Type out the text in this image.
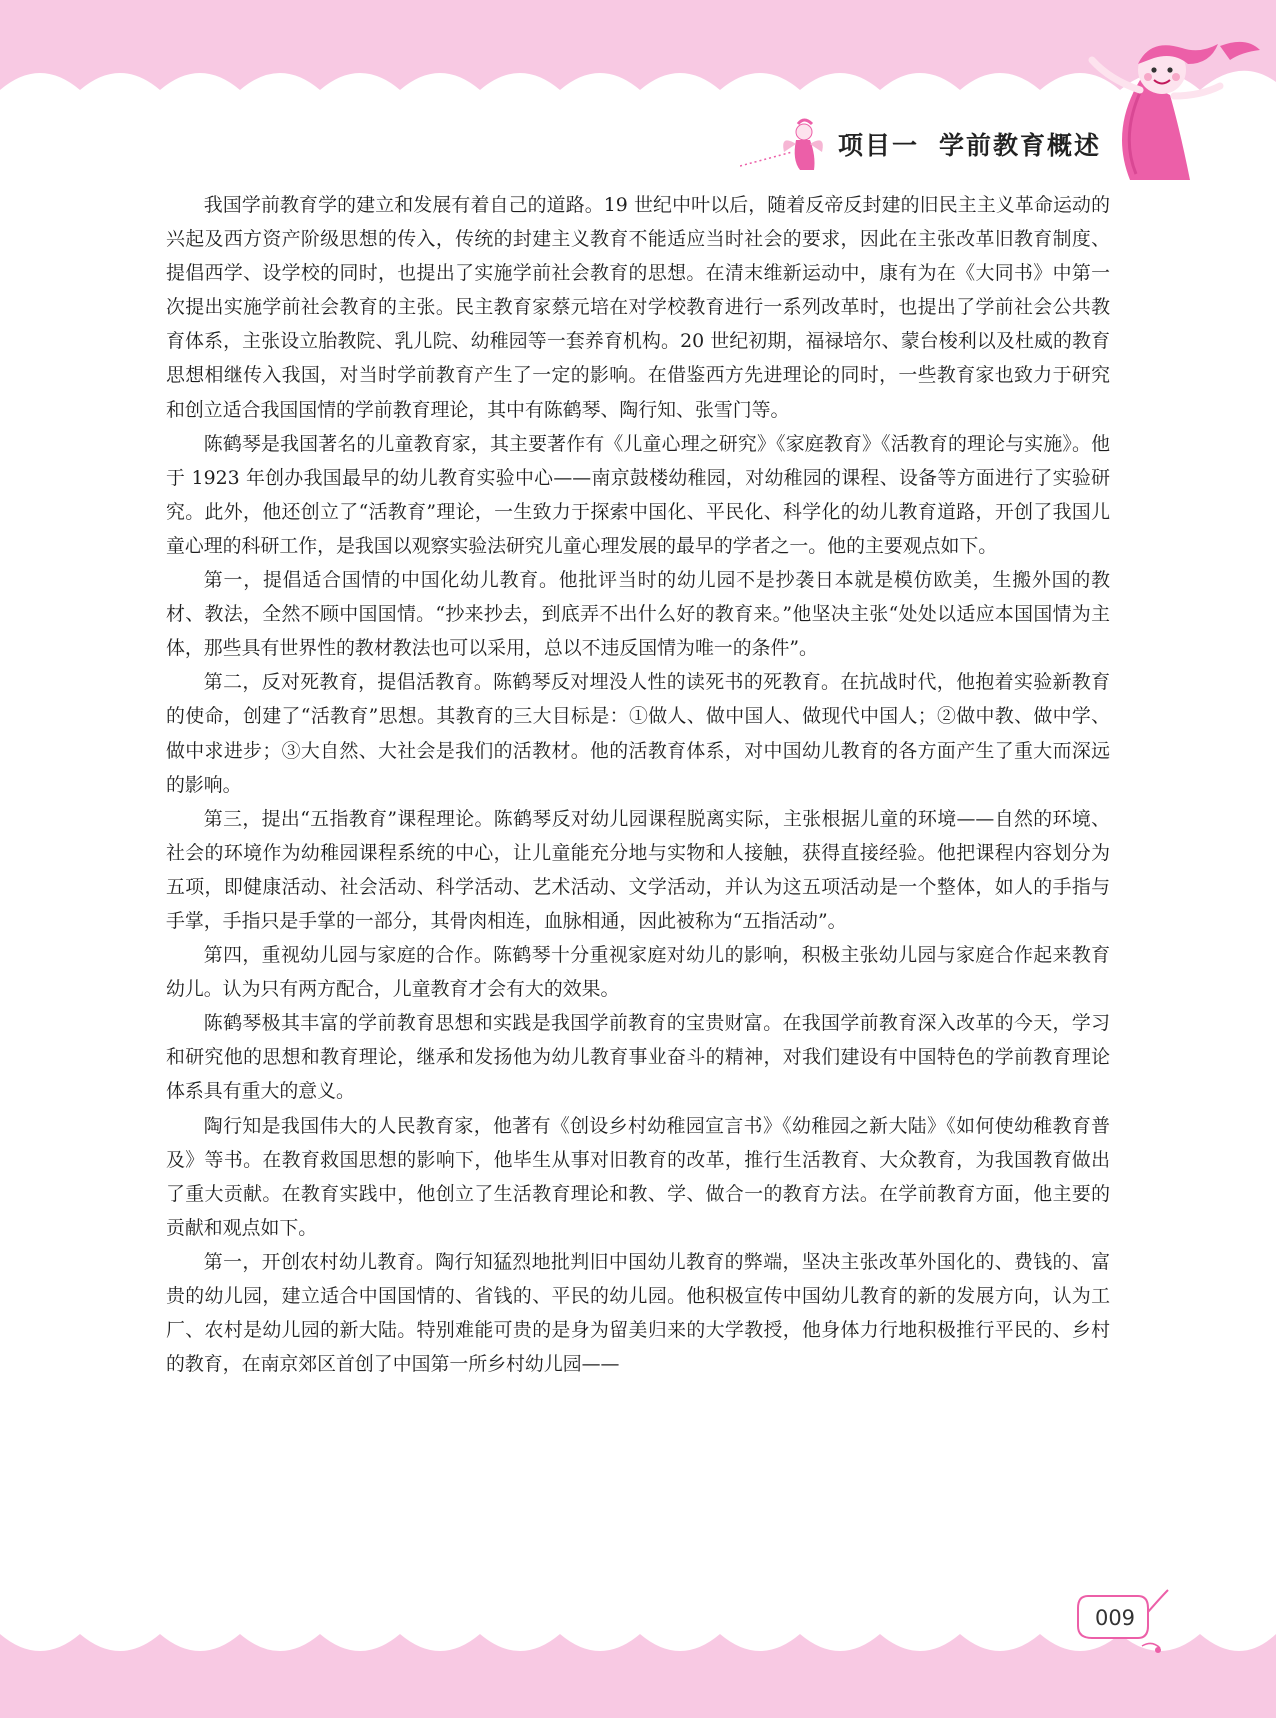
项目一 学前教育概述

我国学前教育学的建立和发展有着自己的道路。19 世纪中叶以后，随着反帝反封建的旧民主主义革命运动的兴起及西方资产阶级思想的传入，传统的封建主义教育不能适应当时社会的要求，因此在主张改革旧教育制度、提倡西学、设学校的同时，也提出了实施学前社会教育的思想。在清末维新运动中，康有为在《大同书》中第一次提出实施学前社会教育的主张。民主教育家蔡元培在对学校教育进行一系列改革时，也提出了学前社会公共教育体系，主张设立胎教院、乳儿院、幼稚园等一套养育机构。20 世纪初期，福禄培尔、蒙台梭利以及杜威的教育思想相继传入我国，对当时学前教育产生了一定的影响。在借鉴西方先进理论的同时，一些教育家也致力于研究和创立适合我国国情的学前教育理论，其中有陈鹤琴、陶行知、张雪门等。

陈鹤琴是我国著名的儿童教育家，其主要著作有《儿童心理之研究》《家庭教育》《活教育的理论与实施》。他于 1923 年创办我国最早的幼儿教育实验中心——南京鼓楼幼稚园，对幼稚园的课程、设备等方面进行了实验研究。此外，他还创立了“活教育”理论，一生致力于探索中国化、平民化、科学化的幼儿教育道路，开创了我国儿童心理的科研工作，是我国以观察实验法研究儿童心理发展的最早的学者之一。他的主要观点如下。

第一，提倡适合国情的中国化幼儿教育。他批评当时的幼儿园不是抄袭日本就是模仿欧美，生搬外国的教材、教法，全然不顾中国国情。“抄来抄去，到底弄不出什么好的教育来。”他坚决主张“处处以适应本国国情为主体，那些具有世界性的教材教法也可以采用，总以不违反国情为唯一的条件”。

第二，反对死教育，提倡活教育。陈鹤琴反对埋没人性的读死书的死教育。在抗战时代，他抱着实验新教育的使命，创建了“活教育”思想。其教育的三大目标是：①做人、做中国人、做现代中国人；②做中教、做中学、做中求进步；③大自然、大社会是我们的活教材。他的活教育体系，对中国幼儿教育的各方面产生了重大而深远的影响。

第三，提出“五指教育”课程理论。陈鹤琴反对幼儿园课程脱离实际，主张根据儿童的环境——自然的环境、社会的环境作为幼稚园课程系统的中心，让儿童能充分地与实物和人接触，获得直接经验。他把课程内容划分为五项，即健康活动、社会活动、科学活动、艺术活动、文学活动，并认为这五项活动是一个整体，如人的手指与手掌，手指只是手掌的一部分，其骨肉相连，血脉相通，因此被称为“五指活动”。

第四，重视幼儿园与家庭的合作。陈鹤琴十分重视家庭对幼儿的影响，积极主张幼儿园与家庭合作起来教育幼儿。认为只有两方配合，儿童教育才会有大的效果。

陈鹤琴极其丰富的学前教育思想和实践是我国学前教育的宝贵财富。在我国学前教育深入改革的今天，学习和研究他的思想和教育理论，继承和发扬他为幼儿教育事业奋斗的精神，对我们建设有中国特色的学前教育理论体系具有重大的意义。

陶行知是我国伟大的人民教育家，他著有《创设乡村幼稚园宣言书》《幼稚园之新大陆》《如何使幼稚教育普及》等书。在教育救国思想的影响下，他毕生从事对旧教育的改革，推行生活教育、大众教育，为我国教育做出了重大贡献。在教育实践中，他创立了生活教育理论和教、学、做合一的教育方法。在学前教育方面，他主要的贡献和观点如下。

第一，开创农村幼儿教育。陶行知猛烈地批判旧中国幼儿教育的弊端，坚决主张改革外国化的、费钱的、富贵的幼儿园，建立适合中国国情的、省钱的、平民的幼儿园。他积极宣传中国幼儿教育的新的发展方向，认为工厂、农村是幼儿园的新大陆。特别难能可贵的是身为留美归来的大学教授，他身体力行地积极推行平民的、乡村的教育，在南京郊区首创了中国第一所乡村幼儿园——

009
